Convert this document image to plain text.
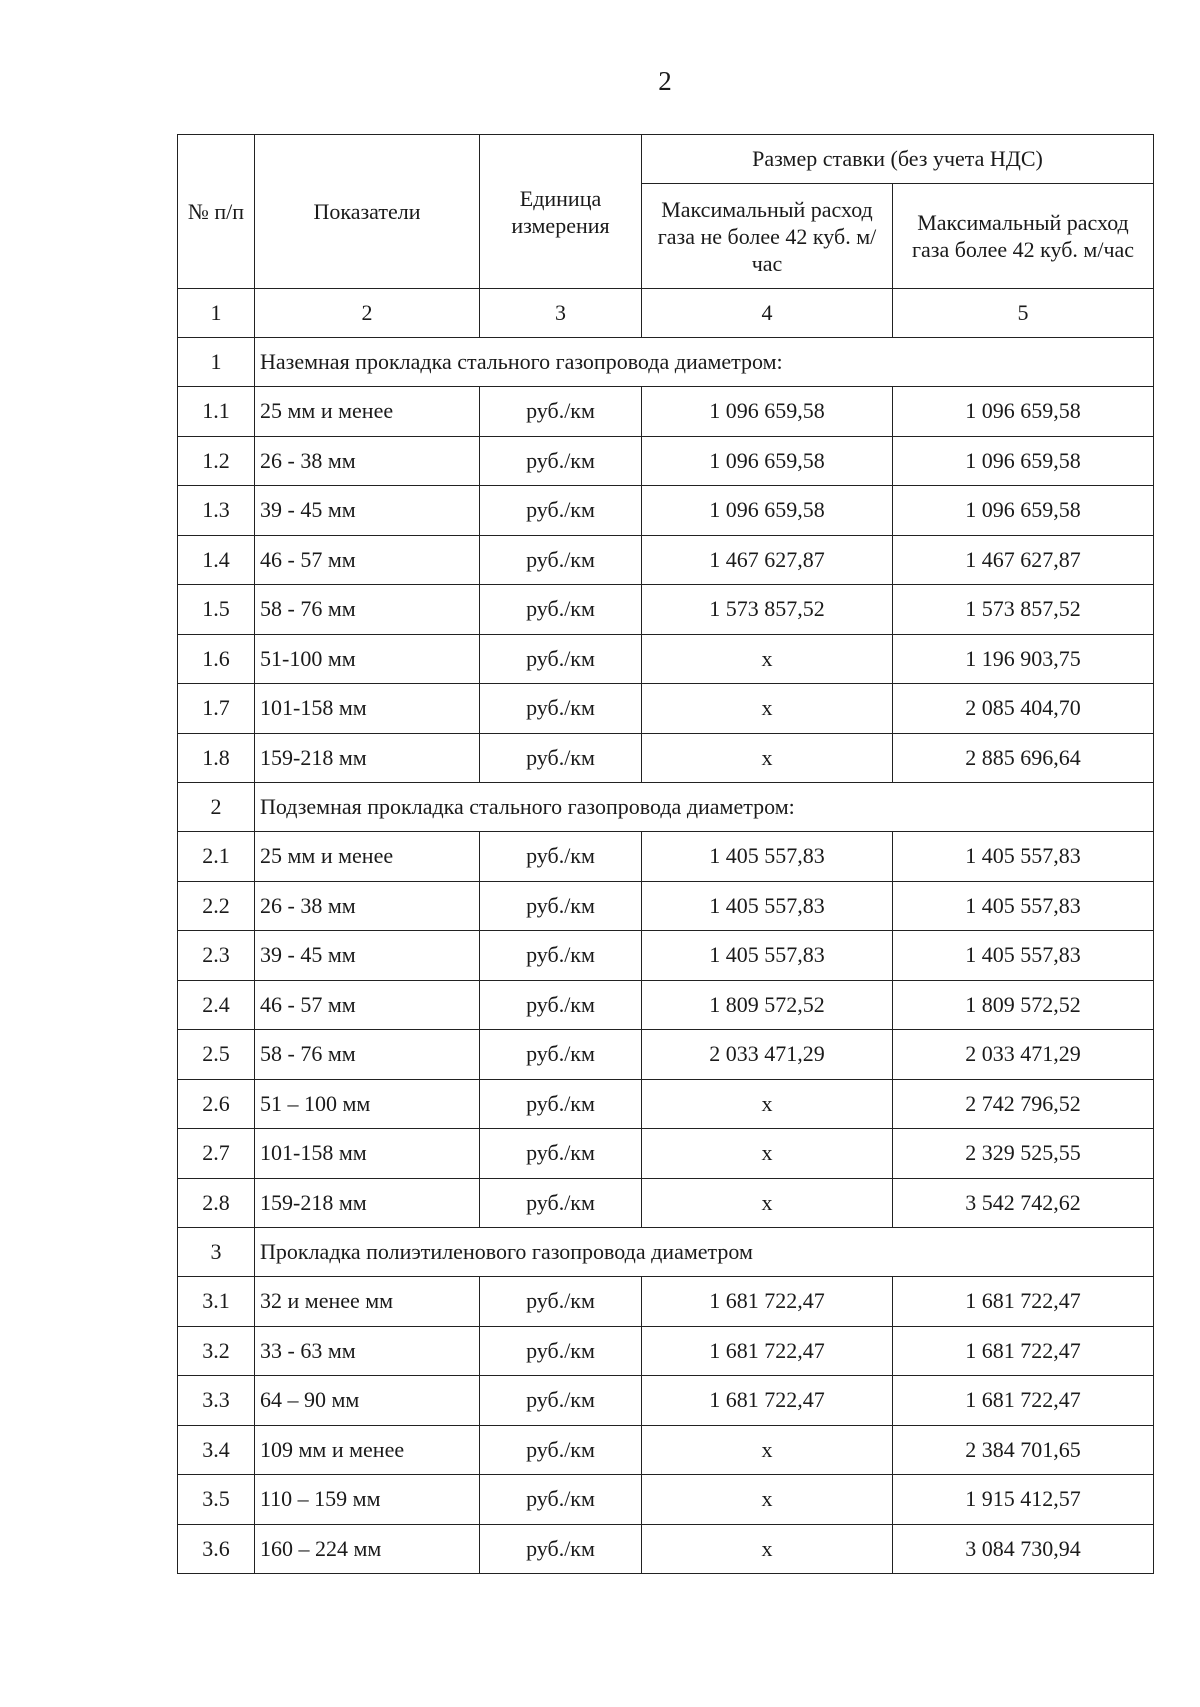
2
№ п/п	Показатели	Единица измерения	Размер ставки (без учета НДС)	
			Максимальный расход газа не более 42 куб. м/час	Максимальный расход газа более 42 куб. м/час
1	2	3	4	5
1	Наземная прокладка стального газопровода диаметром:			
1.1	25 мм и менее	руб./км	1 096 659,58	1 096 659,58
1.2	26 - 38 мм	руб./км	1 096 659,58	1 096 659,58
1.3	39 - 45 мм	руб./км	1 096 659,58	1 096 659,58
1.4	46 - 57 мм	руб./км	1 467 627,87	1 467 627,87
1.5	58 - 76 мм	руб./км	1 573 857,52	1 573 857,52
1.6	51-100 мм	руб./км	x	1 196 903,75
1.7	101-158 мм	руб./км	x	2 085 404,70
1.8	159-218 мм	руб./км	x	2 885 696,64
2	Подземная прокладка стального газопровода диаметром:			
2.1	25 мм и менее	руб./км	1 405 557,83	1 405 557,83
2.2	26 - 38 мм	руб./км	1 405 557,83	1 405 557,83
2.3	39 - 45 мм	руб./км	1 405 557,83	1 405 557,83
2.4	46 - 57 мм	руб./км	1 809 572,52	1 809 572,52
2.5	58 - 76 мм	руб./км	2 033 471,29	2 033 471,29
2.6	51 – 100 мм	руб./км	x	2 742 796,52
2.7	101-158 мм	руб./км	x	2 329 525,55
2.8	159-218 мм	руб./км	x	3 542 742,62
3	Прокладка полиэтиленового газопровода диаметром			
3.1	32 и менее мм	руб./км	1 681 722,47	1 681 722,47
3.2	33 - 63 мм	руб./км	1 681 722,47	1 681 722,47
3.3	64 – 90 мм	руб./км	1 681 722,47	1 681 722,47
3.4	109 мм и менее	руб./км	x	2 384 701,65
3.5	110 – 159 мм	руб./км	x	1 915 412,57
3.6	160 – 224 мм	руб./км	x	3 084 730,94
